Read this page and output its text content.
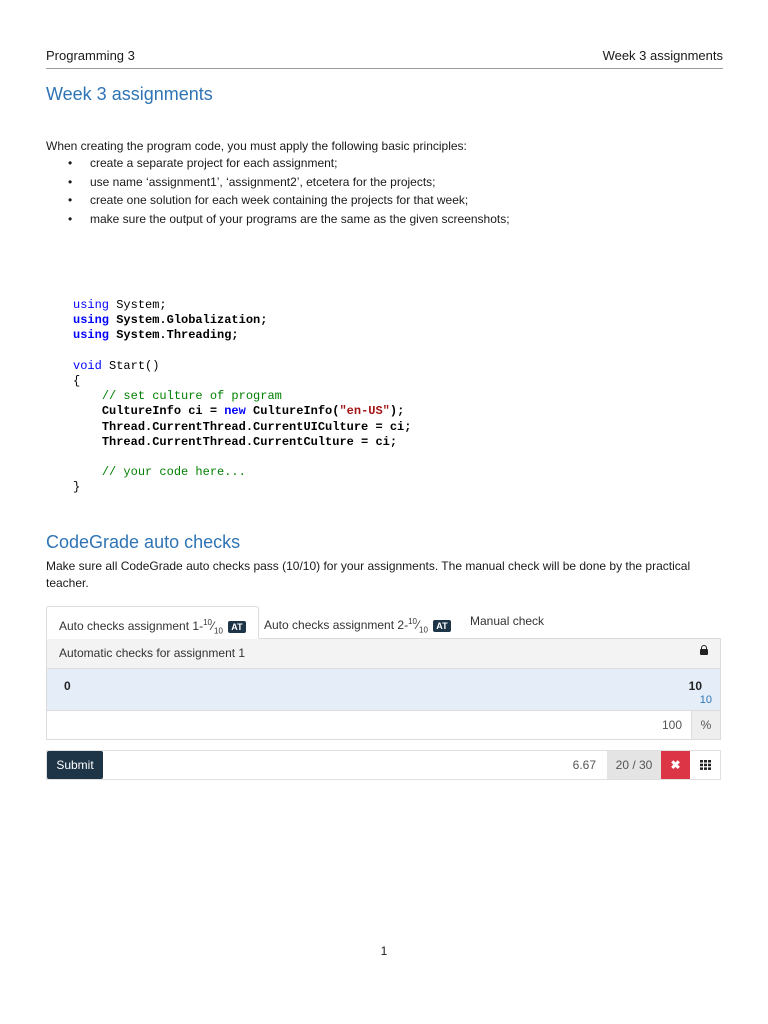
Programming 3	Week 3 assignments
Week 3 assignments

When creating the program code, you must apply the following basic principles:

• create a separate project for each assignment;
• use name ‘assignment1’, ‘assignment2’, etcetera for the projects;
• create one solution for each week containing the projects for that week;
• make sure the output of your programs are the same as the given screenshots;
using System;
using System.Globalization;
using System.Threading;

void Start()
{
// set culture of program
CultureInfo ci = new CultureInfo("en-US");
Thread.CurrentThread.CurrentUICulture = ci;
Thread.CurrentThread.CurrentCulture = ci;

// your code here...
}
CodeGrade auto checks

Make sure all CodeGrade auto checks pass (10/10) for your assignments. The manual check will be done by the practical teacher.

Auto checks assignment $1-^{10}⁄_{10}$ AT	Auto checks assignment $2-^{10}⁄_{10}$ AT	Manual check
Automatic checks for assignment 1
0	10
10
100	%
Submit	6.67	20 / 30	✖
1
